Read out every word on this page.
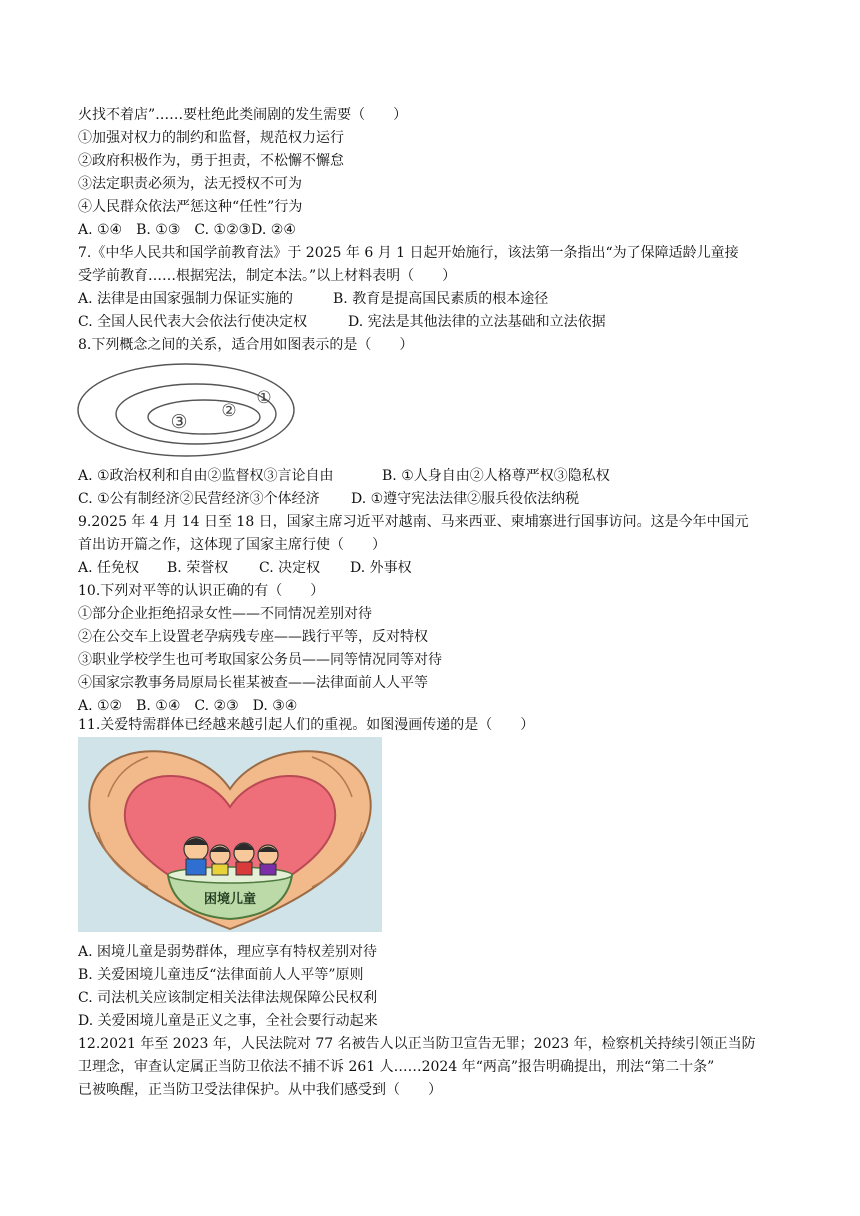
火找不着店”……要杜绝此类闹剧的发生需要（　　）
①加强对权力的制约和监督，规范权力运行
②政府积极作为，勇于担责，不松懈不懈怠
③法定职责必须为，法无授权不可为
④人民群众依法严惩这种“任性”行为
A. ①④　B. ①③　C. ①②③D. ②④
7.《中华人民共和国学前教育法》于 2025 年 6 月 1 日起开始施行，该法第一条指出“为了保障适龄儿童接
受学前教育……根据宪法，制定本法。”以上材料表明（　　）
A. 法律是由国家强制力保证实施的	B. 教育是提高国民素质的根本途径
C. 全国人民代表大会依法行使决定权	D. 宪法是其他法律的立法基础和立法依据
8.下列概念之间的关系，适合用如图表示的是（　　）
①
②
③
A. ①政治权利和自由②监督权③言论自由	B. ①人身自由②人格尊严权③隐私权
C. ①公有制经济②民营经济③个体经济 D. ①遵守宪法法律②服兵役依法纳税
9.2025 年 4 月 14 日至 18 日，国家主席习近平对越南、马来西亚、柬埔寨进行国事访问。这是今年中国元
首出访开篇之作，这体现了国家主席行使（　　）
A. 任免权 B. 荣誉权 C. 决定权 D. 外事权
10.下列对平等的认识正确的有（　　）
①部分企业拒绝招录女性——不同情况差别对待
②在公交车上设置老孕病残专座——践行平等，反对特权
③职业学校学生也可考取国家公务员——同等情况同等对待
④国家宗教事务局原局长崔某被查——法律面前人人平等
A. ①②　B. ①④　C. ②③　D. ③④
11.关爱特需群体已经越来越引起人们的重视。如图漫画传递的是（　　）
困境儿童
A. 困境儿童是弱势群体，理应享有特权差别对待
B. 关爱困境儿童违反“法律面前人人平等”原则
C. 司法机关应该制定相关法律法规保障公民权利
D. 关爱困境儿童是正义之事，全社会要行动起来
12.2021 年至 2023 年，人民法院对 77 名被告人以正当防卫宣告无罪；2023 年，检察机关持续引领正当防
卫理念，审查认定属正当防卫依法不捕不诉 261 人……2024 年“两高”报告明确提出，刑法“第二十条”
已被唤醒，正当防卫受法律保护。从中我们感受到（　　）
